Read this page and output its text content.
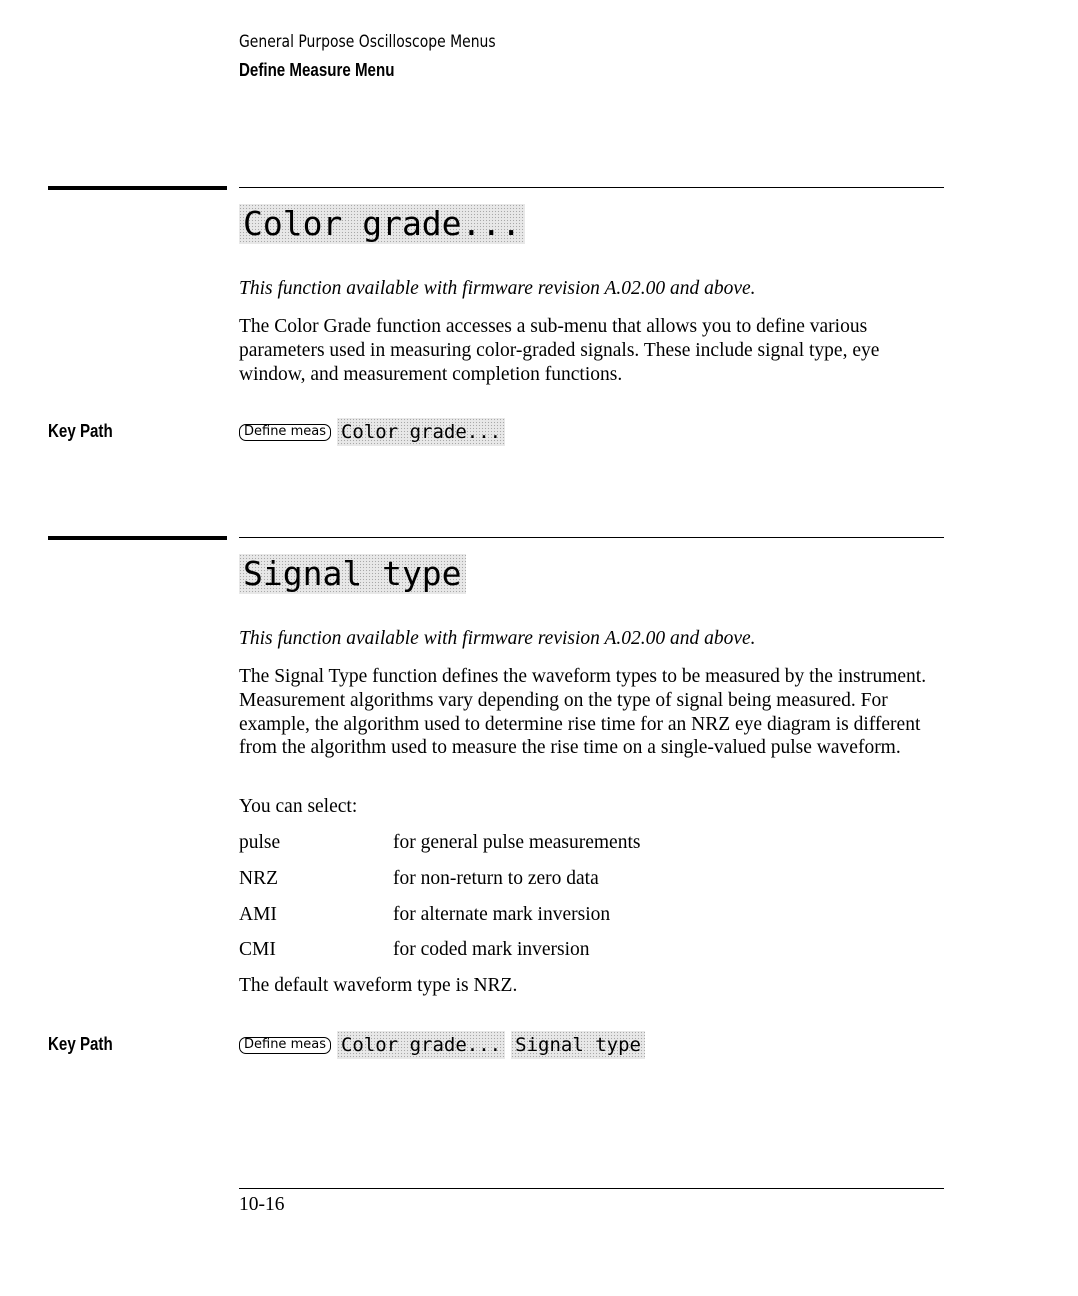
General Purpose Oscilloscope Menus
Define Measure Menu
Color grade...
This function available with firmware revision A.02.00 and above.
The Color Grade function accesses a sub-menu that allows you to define various parameters used in measuring color-graded signals. These include signal type, eye window, and measurement completion functions.
Key Path	Define meas Color grade...
Signal type
This function available with firmware revision A.02.00 and above.
The Signal Type function defines the waveform types to be measured by the instrument. Measurement algorithms vary depending on the type of signal being measured. For example, the algorithm used to determine rise time for an NRZ eye diagram is different from the algorithm used to measure the rise time on a single-valued pulse waveform.
You can select:
pulse	for general pulse measurements
NRZ	for non-return to zero data
AMI	for alternate mark inversion
CMI	for coded mark inversion
The default waveform type is NRZ.
Key Path	Define meas Color grade... Signal type
10-16
